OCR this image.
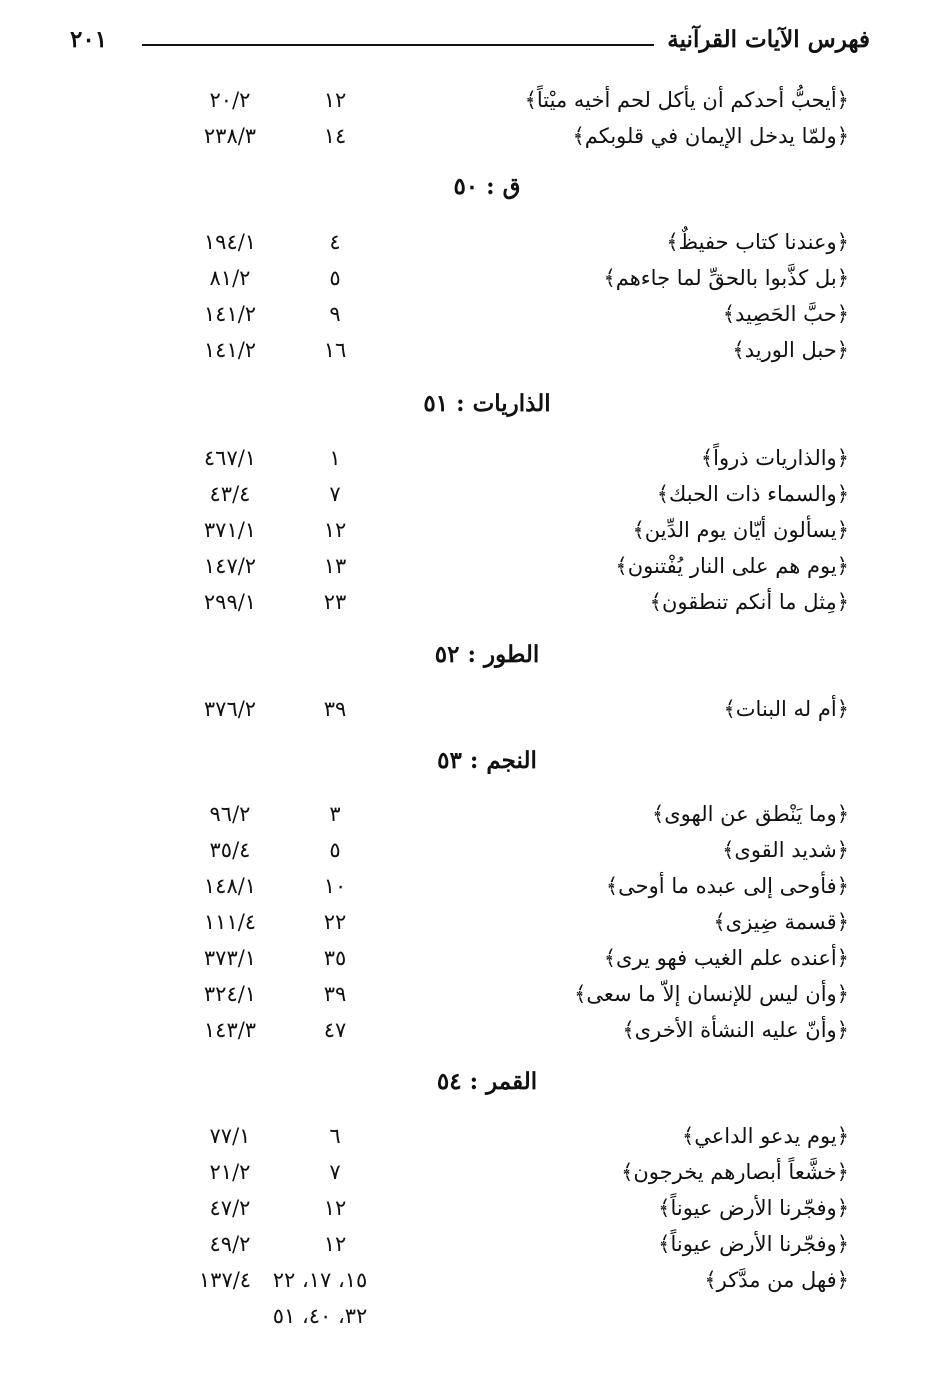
فهرس الآيات القرآنية
٢٠١
﴿أيحبُّ أحدكم أن يأكل لحم أخيه ميْتاً﴾
١٢
٢٠/٢
﴿ولمّا يدخل الإيمان في قلوبكم﴾
١٤
٢٣٨/٣
ق : ٥٠
﴿وعندنا كتاب حفيظٌ﴾
٤
١٩٤/١
﴿بل كذَّبوا بالحقِّ لما جاءهم﴾
٥
٨١/٢
﴿حبَّ الحَصِيد﴾
٩
١٤١/٢
﴿حبل الوريد﴾
١٦
١٤١/٢
الذاريات : ٥١
﴿والذاريات ذرواً﴾
١
٤٦٧/١
﴿والسماء ذات الحبك﴾
٧
٤٣/٤
﴿يسألون أيّان يوم الدِّين﴾
١٢
٣٧١/١
﴿يوم هم على النار يُفْتنون﴾
١٣
١٤٧/٢
﴿مِثل ما أنكم تنطقون﴾
٢٣
٢٩٩/١
الطور : ٥٢
﴿أم له البنات﴾
٣٩
٣٧٦/٢
النجم : ٥٣
﴿وما يَنْطق عن الهوى﴾
٣
٩٦/٢
﴿شديد القوى﴾
٥
٣٥/٤
﴿فأوحى إلى عبده ما أوحى﴾
١٠
١٤٨/١
﴿قسمة ضِيزى﴾
٢٢
١١١/٤
﴿أعنده علم الغيب فهو يرى﴾
٣٥
٣٧٣/١
﴿وأن ليس للإنسان إلاّ ما سعى﴾
٣٩
٣٢٤/١
﴿وأنّ عليه النشأة الأخرى﴾
٤٧
١٤٣/٣
القمر : ٥٤
﴿يوم يدعو الداعي﴾
٦
٧٧/١
﴿خشَّعاً أبصارهم يخرجون﴾
٧
٢١/٢
﴿وفجّرنا الأرض عيوناً﴾
١٢
٤٧/٢
﴿وفجّرنا الأرض عيوناً﴾
١٢
٤٩/٢
﴿فهل من مدَّكر﴾
١٥، ١٧، ٢٢
١٣٧/٤
٣٢، ٤٠، ٥١
